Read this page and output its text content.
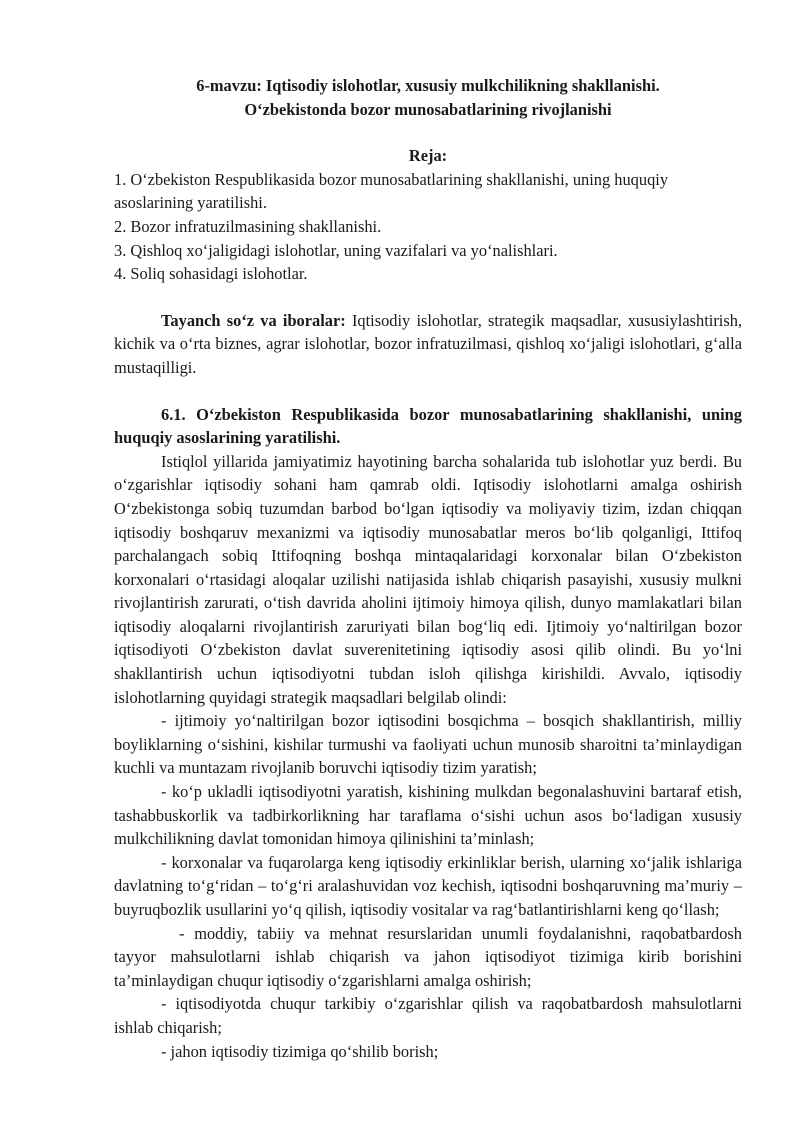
6-mavzu: Iqtisodiy islohotlar, xususiy mulkchilikning shakllanishi.
O‘zbekistonda bozor munosabatlarining rivojlanishi
Reja:
1. O‘zbekiston Respublikasida bozor munosabatlarining shakllanishi, uning huquqiy asoslarining yaratilishi.
2. Bozor infratuzilmasining shakllanishi.
3. Qishloq xo‘jaligidagi islohotlar, uning vazifalari va yo‘nalishlari.
4. Soliq sohasidagi islohotlar.

Tayanch so‘z va iboralar: Iqtisodiy islohotlar, strategik maqsadlar, xususiylashtirish, kichik va o‘rta biznes, agrar islohotlar, bozor infratuzilmasi, qishloq xo‘jaligi islohotlari, g‘alla mustaqilligi.

6.1. O‘zbekiston Respublikasida bozor munosabatlarining shakllanishi, uning huquqiy asoslarining yaratilishi.

Istiqlol yillarida jamiyatimiz hayotining barcha sohalarida tub islohotlar yuz berdi. Bu o‘zgarishlar iqtisodiy sohani ham qamrab oldi. Iqtisodiy islohotlarni amalga oshirish O‘zbekistonga sobiq tuzumdan barbod bo‘lgan iqtisodiy va moliyaviy tizim, izdan chiqqan iqtisodiy boshqaruv mexanizmi va iqtisodiy munosabatlar meros bo‘lib qolganligi, Ittifoq parchalangach sobiq Ittifoqning boshqa mintaqalaridagi korxonalar bilan O‘zbekiston korxonalari o‘rtasidagi aloqalar uzilishi natijasida ishlab chiqarish pasayishi, xususiy mulkni rivojlantirish zarurati, o‘tish davrida aholini ijtimoiy himoya qilish, dunyo mamlakatlari bilan iqtisodiy aloqalarni rivojlantirish zaruriyati bilan bog‘liq edi. Ijtimoiy yo‘naltirilgan bozor iqtisodiyoti O‘zbekiston davlat suverenitetining iqtisodiy asosi qilib olindi. Bu yo‘lni shakllantirish uchun iqtisodiyotni tubdan isloh qilishga kirishildi. Avvalo, iqtisodiy islohotlarning quyidagi strategik maqsadlari belgilab olindi:

- ijtimoiy yo‘naltirilgan bozor iqtisodini bosqichma – bosqich shakllantirish, milliy boyliklarning o‘sishini, kishilar turmushi va faoliyati uchun munosib sharoitni ta’minlaydigan kuchli va muntazam rivojlanib boruvchi iqtisodiy tizim yaratish;

- ko‘p ukladli iqtisodiyotni yaratish, kishining mulkdan begonalashuvini bartaraf etish, tashabbuskorlik va tadbirkorlikning har taraflama o‘sishi uchun asos bo‘ladigan xususiy mulkchilikning davlat tomonidan himoya qilinishini ta’minlash;

- korxonalar va fuqarolarga keng iqtisodiy erkinliklar berish, ularning xo‘jalik ishlariga davlatning to‘g‘ridan – to‘g‘ri aralashuvidan voz kechish, iqtisodni boshqaruvning ma’muriy – buyruqbozlik usullarini yo‘q qilish, iqtisodiy vositalar va rag‘batlantirishlarni keng qo‘llash;

- moddiy, tabiiy va mehnat resurslaridan unumli foydalanishni, raqobatbardosh tayyor mahsulotlarni ishlab chiqarish va jahon iqtisodiyot tizimiga kirib borishini ta’minlaydigan chuqur iqtisodiy o‘zgarishlarni amalga oshirish;

- iqtisodiyotda chuqur tarkibiy o‘zgarishlar qilish va raqobatbardosh mahsulotlarni ishlab chiqarish;

- jahon iqtisodiy tizimiga qo‘shilib borish;
